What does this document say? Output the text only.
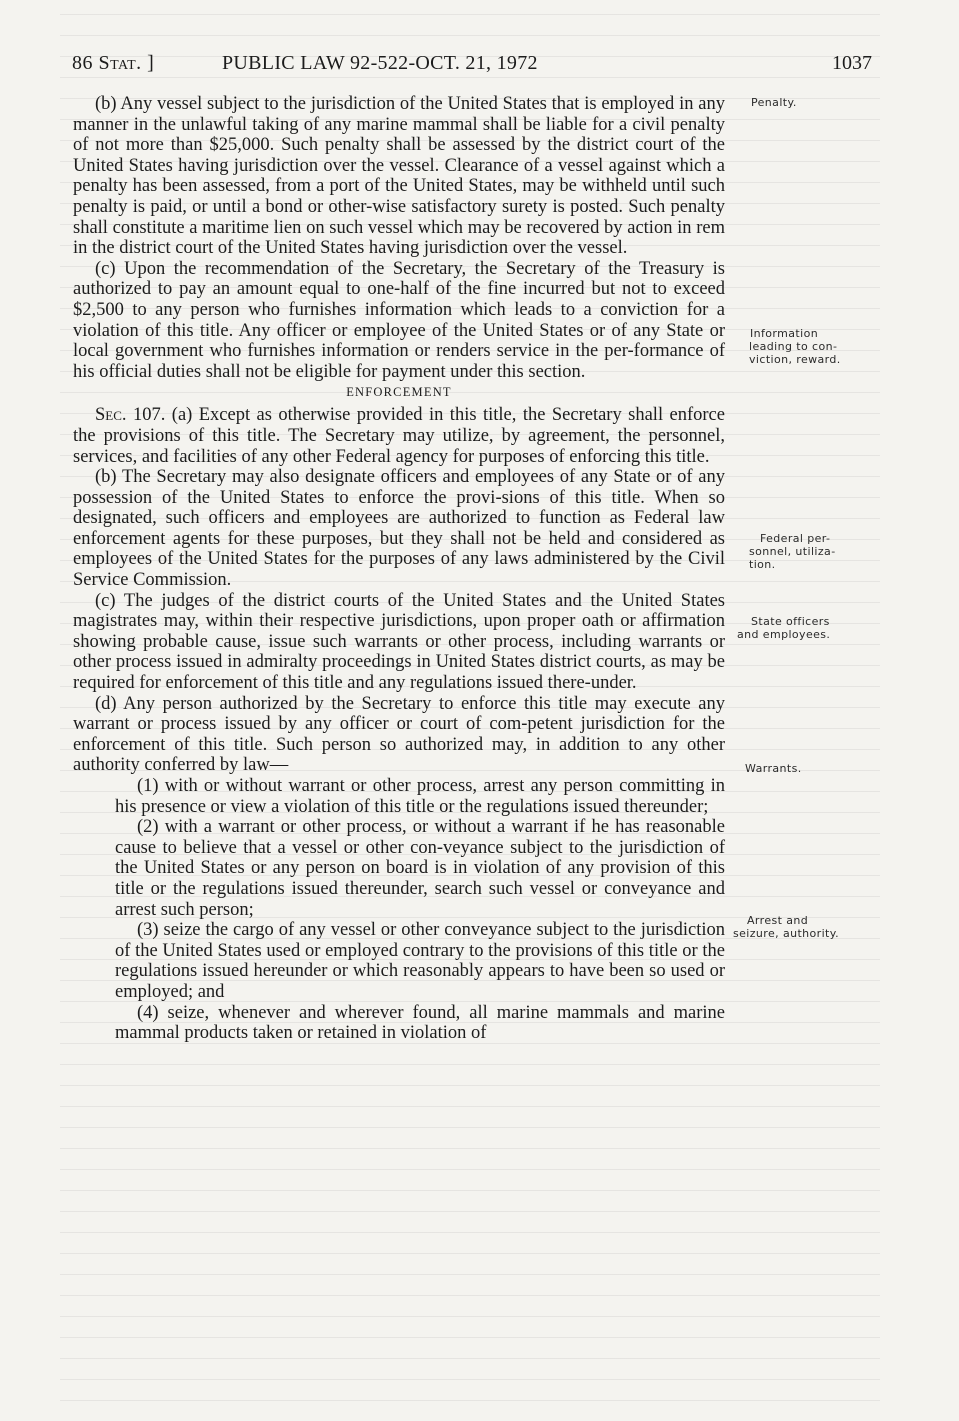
86 Stat. ]	PUBLIC LAW 92-522-OCT. 21, 1972	1037
Penalty.
Information
leading to con-
viction, reward.
Federal per-
sonnel, utiliza-
tion.
State officers
and employees.
Warrants.
Arrest and
seizure, authority.

(b) Any vessel subject to the jurisdiction of the United States that is employed in any manner in the unlawful taking of any marine mammal shall be liable for a civil penalty of not more than $25,000. Such penalty shall be assessed by the district court of the United States having jurisdiction over the vessel. Clearance of a vessel against which a penalty has been assessed, from a port of the United States, may be withheld until such penalty is paid, or until a bond or other-wise satisfactory surety is posted. Such penalty shall constitute a maritime lien on such vessel which may be recovered by action in rem in the district court of the United States having jurisdiction over the vessel.

(c) Upon the recommendation of the Secretary, the Secretary of the Treasury is authorized to pay an amount equal to one-half of the fine incurred but not to exceed $2,500 to any person who furnishes information which leads to a conviction for a violation of this title. Any officer or employee of the United States or of any State or local government who furnishes information or renders service in the per-formance of his official duties shall not be eligible for payment under this section.

ENFORCEMENT

Sec. 107. (a) Except as otherwise provided in this title, the Secretary shall enforce the provisions of this title. The Secretary may utilize, by agreement, the personnel, services, and facilities of any other Federal agency for purposes of enforcing this title.

(b) The Secretary may also designate officers and employees of any State or of any possession of the United States to enforce the provi-sions of this title. When so designated, such officers and employees are authorized to function as Federal law enforcement agents for these purposes, but they shall not be held and considered as employees of the United States for the purposes of any laws administered by the Civil Service Commission.

(c) The judges of the district courts of the United States and the United States magistrates may, within their respective jurisdictions, upon proper oath or affirmation showing probable cause, issue such warrants or other process, including warrants or other process issued in admiralty proceedings in United States district courts, as may be required for enforcement of this title and any regulations issued there-under.

(d) Any person authorized by the Secretary to enforce this title may execute any warrant or process issued by any officer or court of com-petent jurisdiction for the enforcement of this title. Such person so authorized may, in addition to any other authority conferred by law—

(1) with or without warrant or other process, arrest any person committing in his presence or view a violation of this title or the regulations issued thereunder;

(2) with a warrant or other process, or without a warrant if he has reasonable cause to believe that a vessel or other con-veyance subject to the jurisdiction of the United States or any person on board is in violation of any provision of this title or the regulations issued thereunder, search such vessel or conveyance and arrest such person;

(3) seize the cargo of any vessel or other conveyance subject to the jurisdiction of the United States used or employed contrary to the provisions of this title or the regulations issued hereunder or which reasonably appears to have been so used or employed; and

(4) seize, whenever and wherever found, all marine mammals and marine mammal products taken or retained in violation of
